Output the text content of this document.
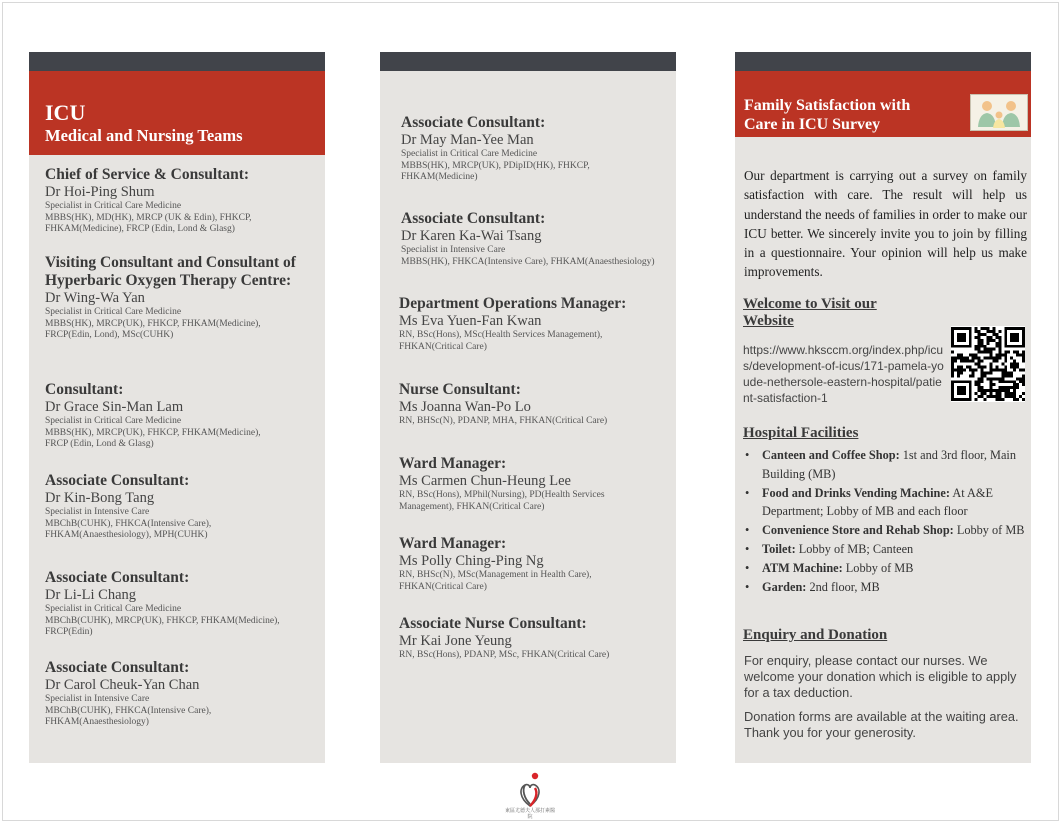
ICU
Medical and Nursing Teams
Chief of Service & Consultant:
Dr Hoi-Ping Shum
Specialist in Critical Care Medicine
MBBS(HK), MD(HK), MRCP (UK & Edin), FHKCP,
FHKAM(Medicine), FRCP (Edin, Lond & Glasg)
Visiting Consultant and Consultant of Hyperbaric Oxygen Therapy Centre:
Dr Wing-Wa Yan
Specialist in Critical Care Medicine
MBBS(HK), MRCP(UK), FHKCP, FHKAM(Medicine),
FRCP(Edin, Lond), MSc(CUHK)
Consultant:
Dr Grace Sin-Man Lam
Specialist in Critical Care Medicine
MBBS(HK), MRCP(UK), FHKCP, FHKAM(Medicine),
FRCP (Edin, Lond & Glasg)
Associate Consultant:
Dr Kin-Bong Tang
Specialist in Intensive Care
MBChB(CUHK), FHKCA(Intensive Care),
FHKAM(Anaesthesiology), MPH(CUHK)
Associate Consultant:
Dr Li-Li Chang
Specialist in Critical Care Medicine
MBChB(CUHK), MRCP(UK), FHKCP, FHKAM(Medicine),
FRCP(Edin)
Associate Consultant:
Dr Carol Cheuk-Yan Chan
Specialist in Intensive Care
MBChB(CUHK), FHKCA(Intensive Care),
FHKAM(Anaesthesiology)
Associate Consultant:
Dr May Man-Yee Man
Specialist in Critical Care Medicine
MBBS(HK), MRCP(UK), PDipID(HK), FHKCP,
FHKAM(Medicine)
Associate Consultant:
Dr Karen Ka-Wai Tsang
Specialist in Intensive Care
MBBS(HK), FHKCA(Intensive Care), FHKAM(Anaesthesiology)
Department Operations Manager:
Ms Eva Yuen-Fan Kwan
RN, BSc(Hons), MSc(Health Services Management),
FHKAN(Critical Care)
Nurse Consultant:
Ms Joanna Wan-Po Lo
RN, BHSc(N), PDANP, MHA, FHKAN(Critical Care)
Ward Manager:
Ms Carmen Chun-Heung Lee
RN, BSc(Hons), MPhil(Nursing), PD(Health Services
Management), FHKAN(Critical Care)
Ward Manager:
Ms Polly Ching-Ping Ng
RN, BHSc(N), MSc(Management in Health Care),
FHKAN(Critical Care)
Associate Nurse Consultant:
Mr Kai Jone Yeung
RN, BSc(Hons), PDANP, MSc, FHKAN(Critical Care)
Family Satisfaction with
Care in ICU Survey
Our department is carrying out a survey on family satisfaction with care. The result will help us understand the needs of families in order to make our ICU better. We sincerely invite you to join by filling in a questionnaire. Your opinion will help us make improvements.
Welcome to Visit our
Website
https://www.hksccm.org/index.php/icus/development-of-icus/171-pamela-youde-nethersole-eastern-hospital/patient-satisfaction-1
Hospital Facilities
• Canteen and Coffee Shop: 1st and 3rd floor, Main Building (MB)
• Food and Drinks Vending Machine: At A&E Department; Lobby of MB and each floor
• Convenience Store and Rehab Shop: Lobby of MB
• Toilet: Lobby of MB; Canteen
• ATM Machine: Lobby of MB
• Garden: 2nd floor, MB
Enquiry and Donation
For enquiry, please contact our nurses. We welcome your donation which is eligible to apply for a tax deduction.
Donation forms are available at the waiting area. Thank you for your generosity.
東區尤德夫人那打素醫院
